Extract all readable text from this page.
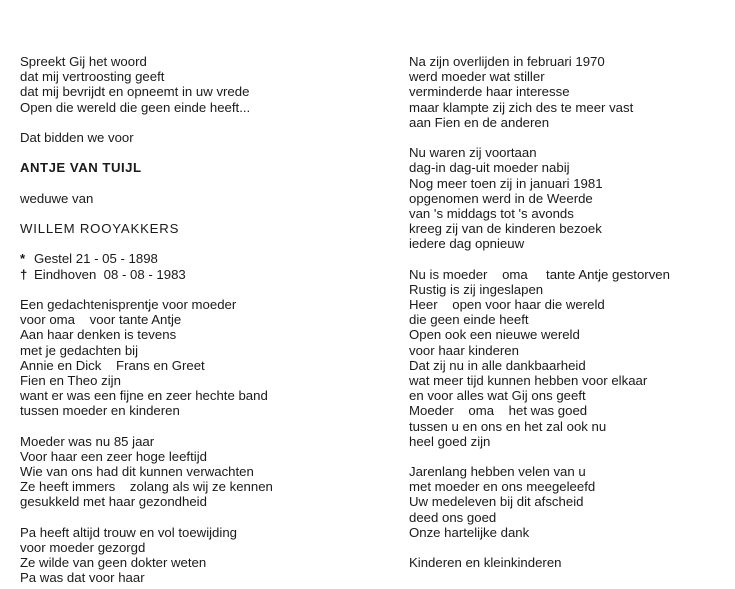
Spreekt Gij het woord
dat mij vertroosting geeft
dat mij bevrijdt en opneemt in uw vrede
Open die wereld die geen einde heeft...
Dat bidden we voor
ANTJE VAN TUIJL
weduwe van
WILLEM ROOYAKKERS
* Gestel 21 - 05 - 1898
† Eindhoven  08 - 08 - 1983
Een gedachtenisprentje voor moeder
voor oma    voor tante Antje
Aan haar denken is tevens
met je gedachten bij
Annie en Dick    Frans en Greet
Fien en Theo zijn
want er was een fijne en zeer hechte band
tussen moeder en kinderen
Moeder was nu 85 jaar
Voor haar een zeer hoge leeftijd
Wie van ons had dit kunnen verwachten
Ze heeft immers    zolang als wij ze kennen
gesukkeld met haar gezondheid
Pa heeft altijd trouw en vol toewijding
voor moeder gezorgd
Ze wilde van geen dokter weten
Pa was dat voor haar
Na zijn overlijden in februari 1970
werd moeder wat stiller
verminderde haar interesse
maar klampte zij zich des te meer vast
aan Fien en de anderen
Nu waren zij voortaan
dag-in dag-uit moeder nabij
Nog meer toen zij in januari 1981
opgenomen werd in de Weerde
van 's middags tot 's avonds
kreeg zij van de kinderen bezoek
iedere dag opnieuw
Nu is moeder    oma     tante Antje gestorven
Rustig is zij ingeslapen
Heer    open voor haar die wereld
die geen einde heeft
Open ook een nieuwe wereld
voor haar kinderen
Dat zij nu in alle dankbaarheid
wat meer tijd kunnen hebben voor elkaar
en voor alles wat Gij ons geeft
Moeder    oma    het was goed
tussen u en ons en het zal ook nu
heel goed zijn
Jarenlang hebben velen van u
met moeder en ons meegeleefd
Uw medeleven bij dit afscheid
deed ons goed
Onze hartelijke dank
Kinderen en kleinkinderen
